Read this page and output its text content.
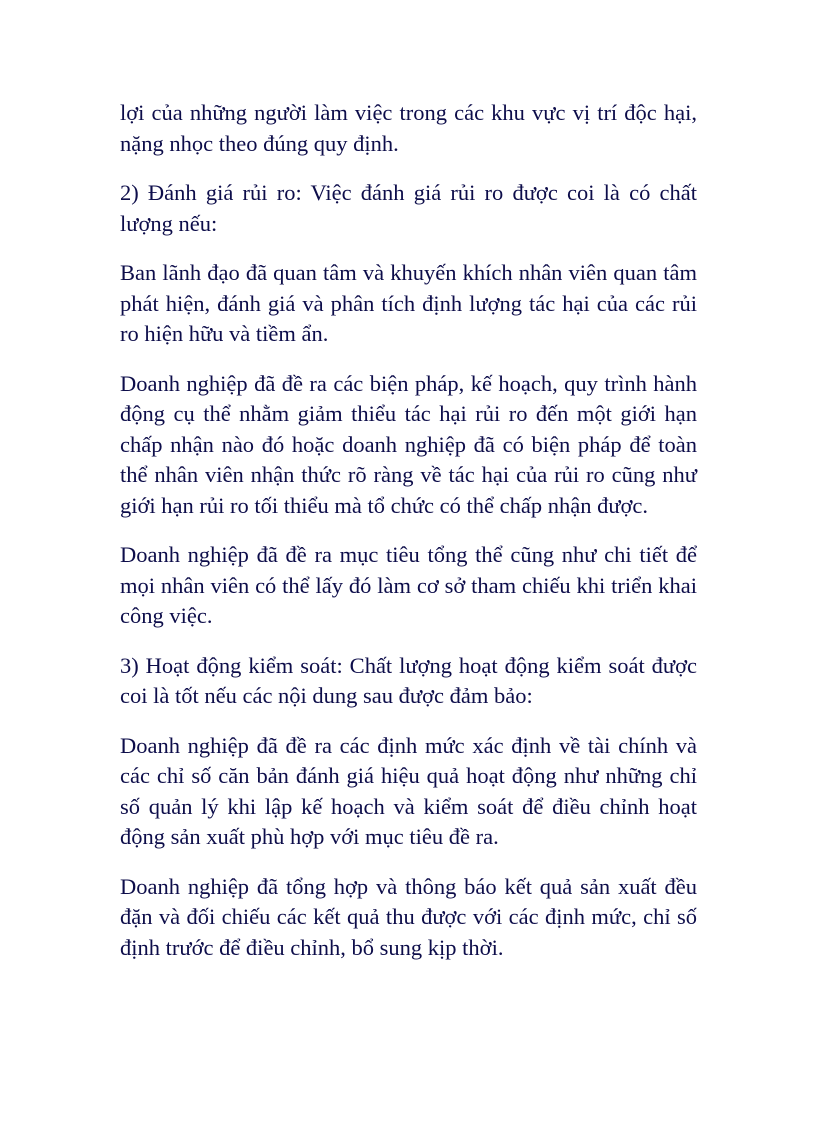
lợi của những người làm việc trong các khu vực vị trí độc hại, nặng nhọc theo đúng quy định.

2) Đánh giá rủi ro: Việc đánh giá rủi ro được coi là có chất lượng nếu:

Ban lãnh đạo đã quan tâm và khuyến khích nhân viên quan tâm phát hiện, đánh giá và phân tích định lượng tác hại của các rủi ro hiện hữu và tiềm ẩn.

Doanh nghiệp đã đề ra các biện pháp, kế hoạch, quy trình hành động cụ thể nhằm giảm thiểu tác hại rủi ro đến một giới hạn chấp nhận nào đó hoặc doanh nghiệp đã có biện pháp để toàn thể nhân viên nhận thức rõ ràng về tác hại của rủi ro cũng như giới hạn rủi ro tối thiểu mà tổ chức có thể chấp nhận được.

Doanh nghiệp đã đề ra mục tiêu tổng thể cũng như chi tiết để mọi nhân viên có thể lấy đó làm cơ sở tham chiếu khi triển khai công việc.

3) Hoạt động kiểm soát: Chất lượng hoạt động kiểm soát được coi là tốt nếu các nội dung sau được đảm bảo:

Doanh nghiệp đã đề ra các định mức xác định về tài chính và các chỉ số căn bản đánh giá hiệu quả hoạt động như những chỉ số quản lý khi lập kế hoạch và kiểm soát để điều chỉnh hoạt động sản xuất phù hợp với mục tiêu đề ra.

Doanh nghiệp đã tổng hợp và thông báo kết quả sản xuất đều đặn và đối chiếu các kết quả thu được với các định mức, chỉ số định trước để điều chỉnh, bổ sung kịp thời.
